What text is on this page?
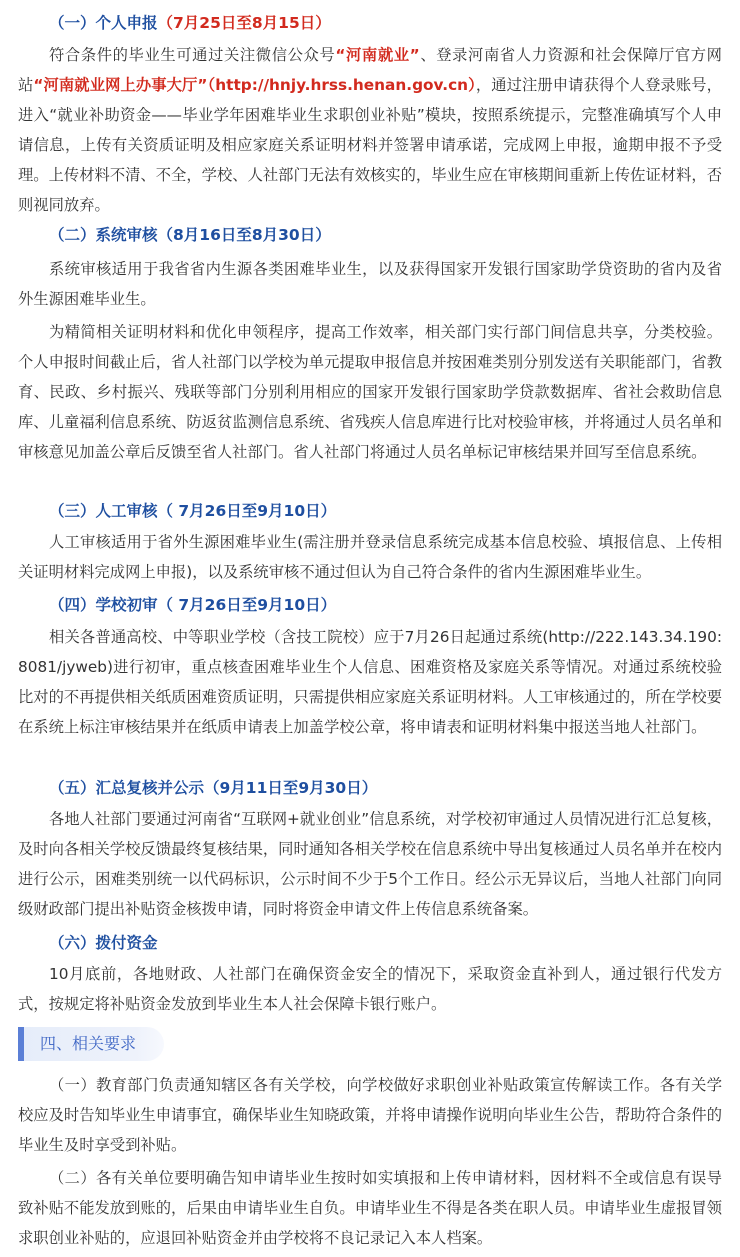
（一）个人申报（7月25日至8月15日）

符合条件的毕业生可通过关注微信公众号“河南就业”、登录河南省人力资源和社会保障厅官方网站“河南就业网上办事大厅”（http://hnjy.hrss.henan.gov.cn），通过注册申请获得个人登录账号，进入“就业补助资金——毕业学年困难毕业生求职创业补贴”模块，按照系统提示，完整准确填写个人申请信息，上传有关资质证明及相应家庭关系证明材料并签署申请承诺，完成网上申报，逾期申报不予受理。上传材料不清、不全，学校、人社部门无法有效核实的，毕业生应在审核期间重新上传佐证材料，否则视同放弃。

（二）系统审核（8月16日至8月30日）

系统审核适用于我省省内生源各类困难毕业生，以及获得国家开发银行国家助学贷资助的省内及省外生源困难毕业生。

为精简相关证明材料和优化申领程序，提高工作效率，相关部门实行部门间信息共享，分类校验。个人申报时间截止后，省人社部门以学校为单元提取申报信息并按困难类别分别发送有关职能部门，省教育、民政、乡村振兴、残联等部门分别利用相应的国家开发银行国家助学贷款数据库、省社会救助信息库、儿童福利信息系统、防返贫监测信息系统、省残疾人信息库进行比对校验审核，并将通过人员名单和审核意见加盖公章后反馈至省人社部门。省人社部门将通过人员名单标记审核结果并回写至信息系统。

（三）人工审核（ 7月26日至9月10日）

人工审核适用于省外生源困难毕业生(需注册并登录信息系统完成基本信息校验、填报信息、上传相关证明材料完成网上申报)，以及系统审核不通过但认为自己符合条件的省内生源困难毕业生。

（四）学校初审（ 7月26日至9月10日）

相关各普通高校、中等职业学校（含技工院校）应于7月26日起通过系统(http://222.143.34.190:8081/jyweb)进行初审，重点核查困难毕业生个人信息、困难资格及家庭关系等情况。对通过系统校验比对的不再提供相关纸质困难资质证明，只需提供相应家庭关系证明材料。人工审核通过的，所在学校要在系统上标注审核结果并在纸质申请表上加盖学校公章，将申请表和证明材料集中报送当地人社部门。

（五）汇总复核并公示（9月11日至9月30日）

各地人社部门要通过河南省“互联网+就业创业”信息系统，对学校初审通过人员情况进行汇总复核，及时向各相关学校反馈最终复核结果，同时通知各相关学校在信息系统中导出复核通过人员名单并在校内进行公示，困难类别统一以代码标识，公示时间不少于5个工作日。经公示无异议后，当地人社部门向同级财政部门提出补贴资金核拨申请，同时将资金申请文件上传信息系统备案。

（六）拨付资金

10月底前，各地财政、人社部门在确保资金安全的情况下，采取资金直补到人，通过银行代发方式，按规定将补贴资金发放到毕业生本人社会保障卡银行账户。

四、相关要求

（一）教育部门负责通知辖区各有关学校，向学校做好求职创业补贴政策宣传解读工作。各有关学校应及时告知毕业生申请事宜，确保毕业生知晓政策，并将申请操作说明向毕业生公告，帮助符合条件的毕业生及时享受到补贴。

（二）各有关单位要明确告知申请毕业生按时如实填报和上传申请材料，因材料不全或信息有误导致补贴不能发放到账的，后果由申请毕业生自负。申请毕业生不得是各类在职人员。申请毕业生虚报冒领求职创业补贴的，应退回补贴资金并由学校将不良记录记入本人档案。
